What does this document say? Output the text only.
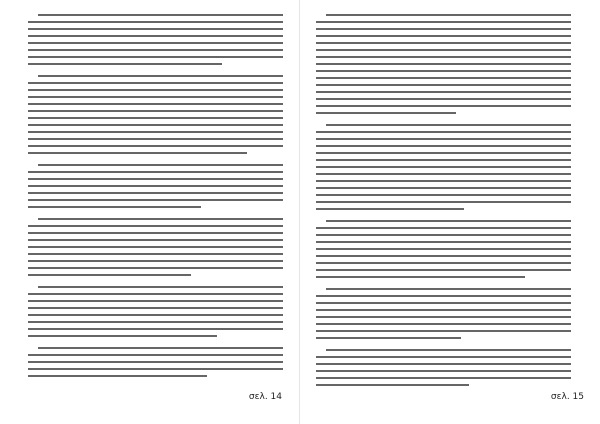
σελ. 14	σελ. 15
